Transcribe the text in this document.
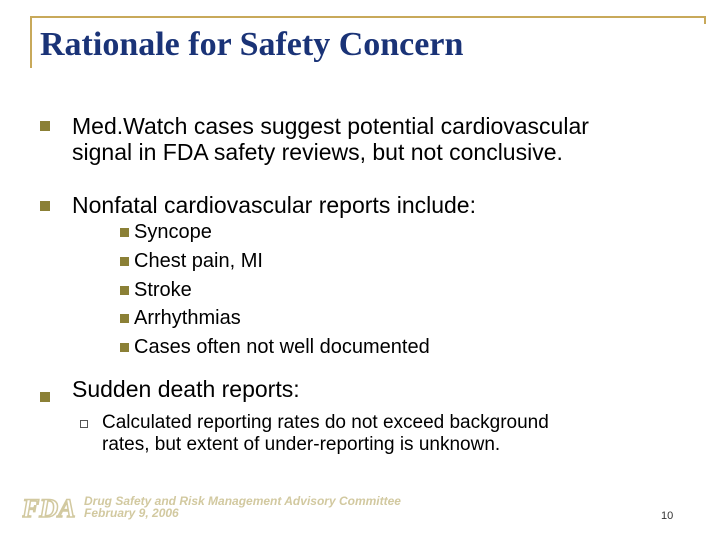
Rationale for Safety Concern
Med.Watch cases suggest potential cardiovascular
signal in FDA safety reviews, but not conclusive.
Nonfatal cardiovascular reports include:
Syncope
Chest pain, MI
Stroke
Arrhythmias
Cases often not well documented
Sudden death reports:
Calculated reporting rates do not exceed background
rates, but extent of under-reporting is unknown.
FDA Drug Safety and Risk Management Advisory Committee
February 9, 2006	10
